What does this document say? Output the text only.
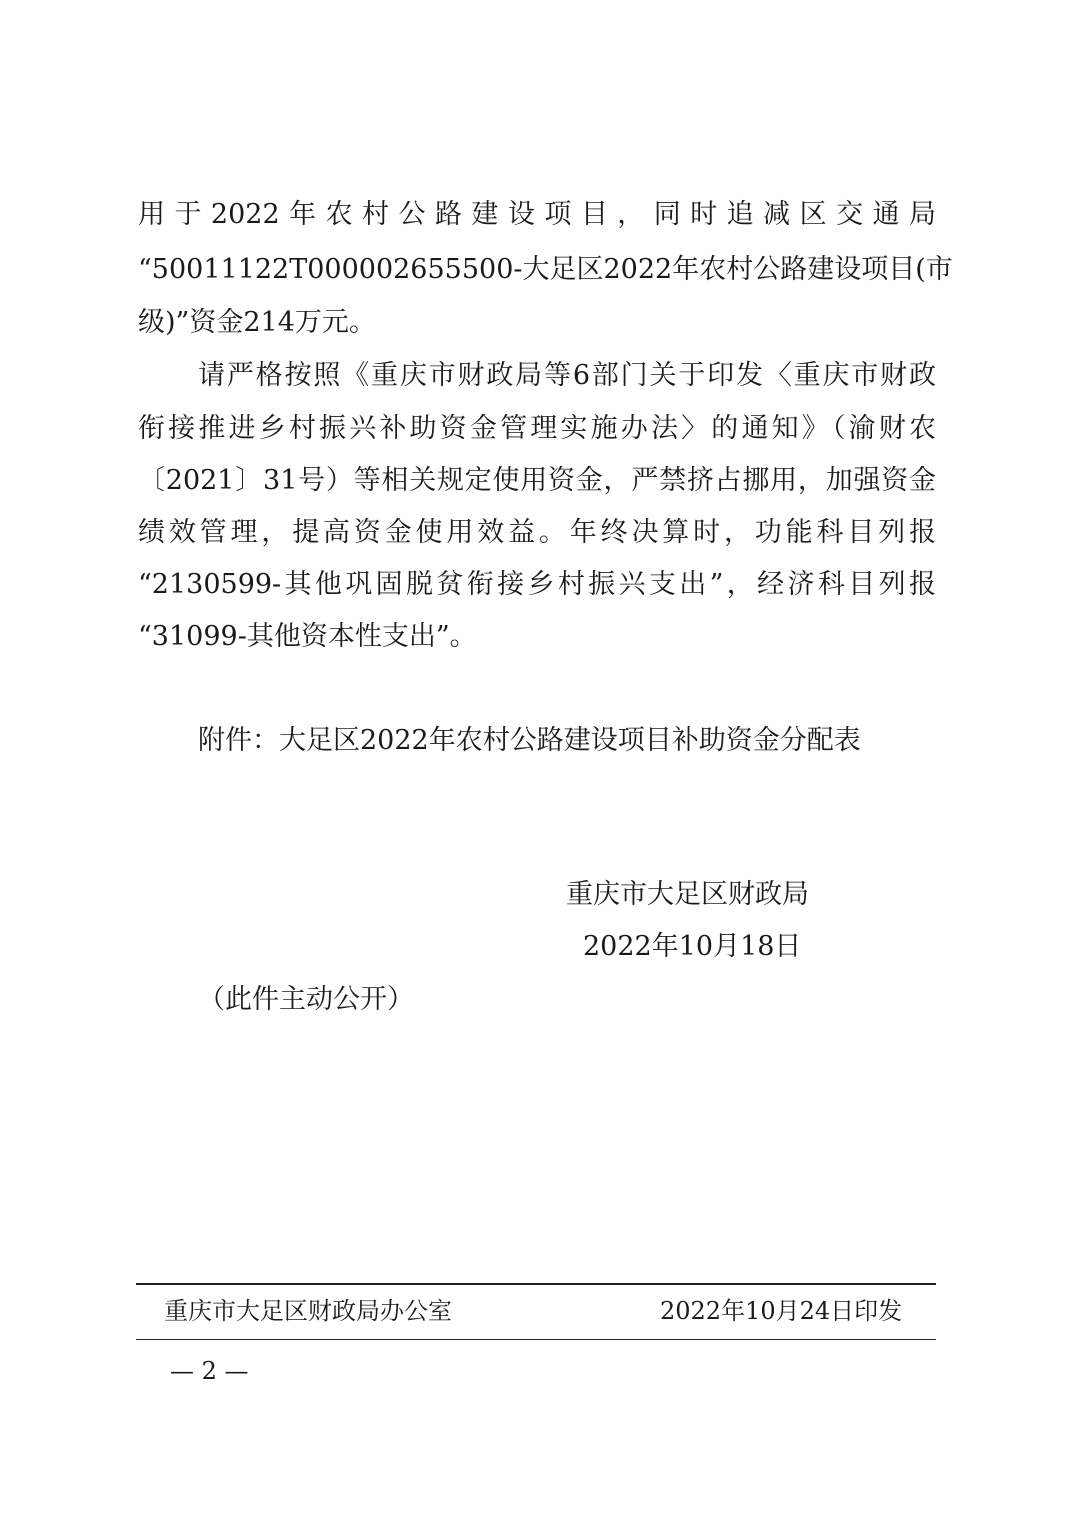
用于2022年农村公路建设项目，同时追减区交通局
“50011122T000002655500-大足区2022年农村公路建设项目(市
级)”资金214万元。
请严格按照《重庆市财政局等6部门关于印发〈重庆市财政
衔接推进乡村振兴补助资金管理实施办法〉的通知》（渝财农
〔2021〕31号）等相关规定使用资金，严禁挤占挪用，加强资金
绩效管理，提高资金使用效益。年终决算时，功能科目列报
“2130599-其他巩固脱贫衔接乡村振兴支出”，经济科目列报
“31099-其他资本性支出”。
附件：大足区2022年农村公路建设项目补助资金分配表
重庆市大足区财政局
2022年10月18日
（此件主动公开）
重庆市大足区财政局办公室	2022年10月24日印发
— 2 —
